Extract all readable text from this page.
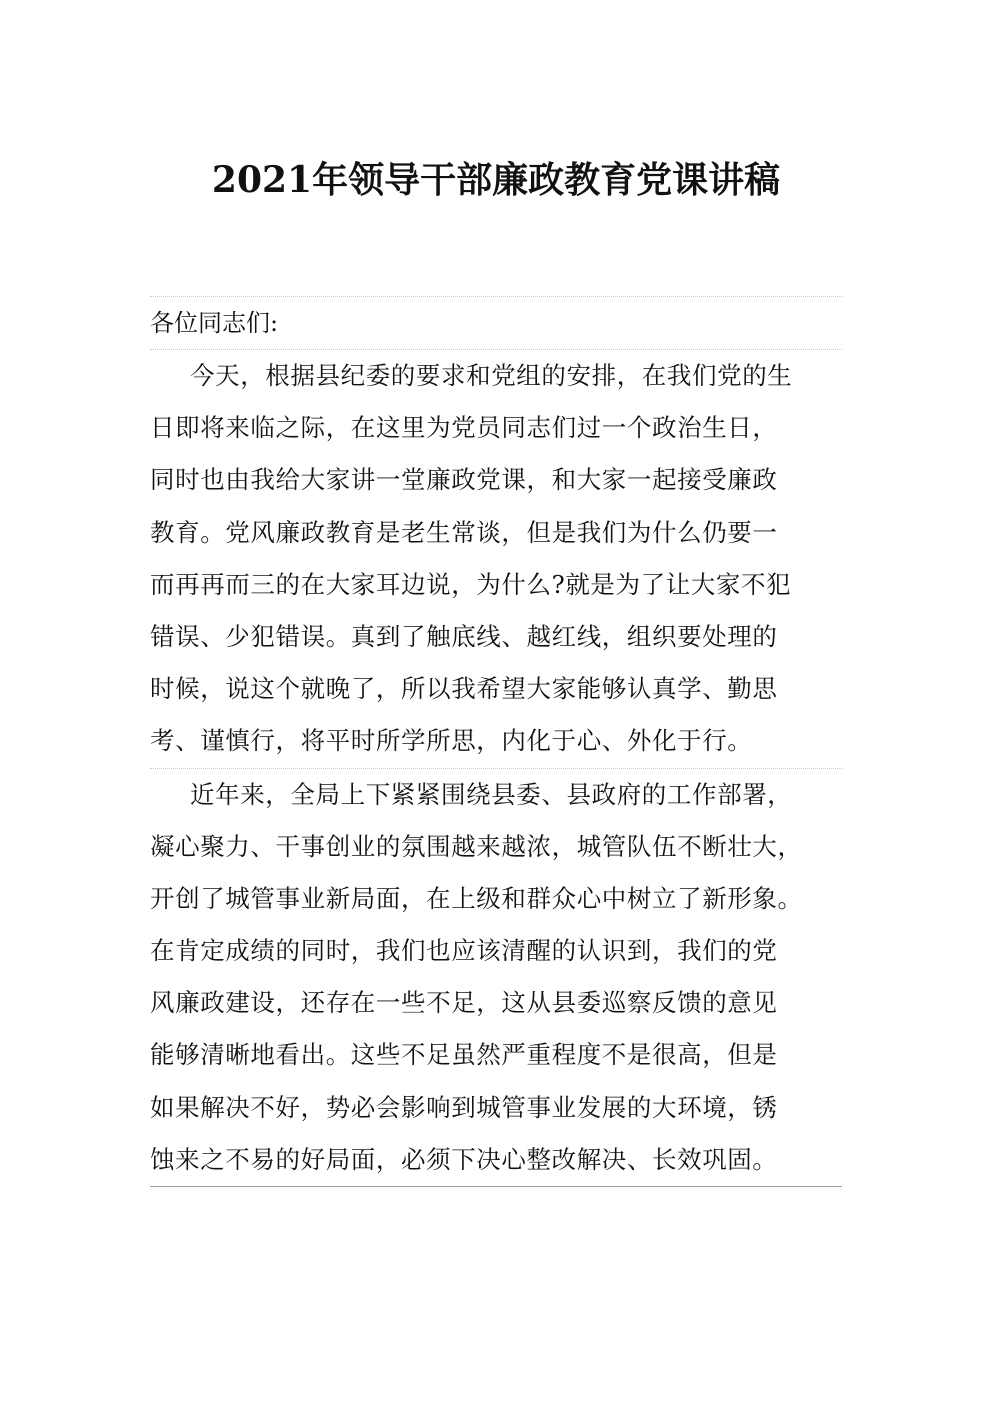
2021年领导干部廉政教育党课讲稿

各位同志们:

今天，根据县纪委的要求和党组的安排，在我们党的生
日即将来临之际，在这里为党员同志们过一个政治生日，
同时也由我给大家讲一堂廉政党课，和大家一起接受廉政
教育。党风廉政教育是老生常谈，但是我们为什么仍要一
而再再而三的在大家耳边说，为什么?就是为了让大家不犯
错误、少犯错误。真到了触底线、越红线，组织要处理的
时候，说这个就晚了，所以我希望大家能够认真学、勤思
考、谨慎行，将平时所学所思，内化于心、外化于行。
近年来，全局上下紧紧围绕县委、县政府的工作部署，
凝心聚力、干事创业的氛围越来越浓，城管队伍不断壮大，
开创了城管事业新局面，在上级和群众心中树立了新形象。
在肯定成绩的同时，我们也应该清醒的认识到，我们的党
风廉政建设，还存在一些不足，这从县委巡察反馈的意见
能够清晰地看出。这些不足虽然严重程度不是很高，但是
如果解决不好，势必会影响到城管事业发展的大环境，锈
蚀来之不易的好局面，必须下决心整改解决、长效巩固。
